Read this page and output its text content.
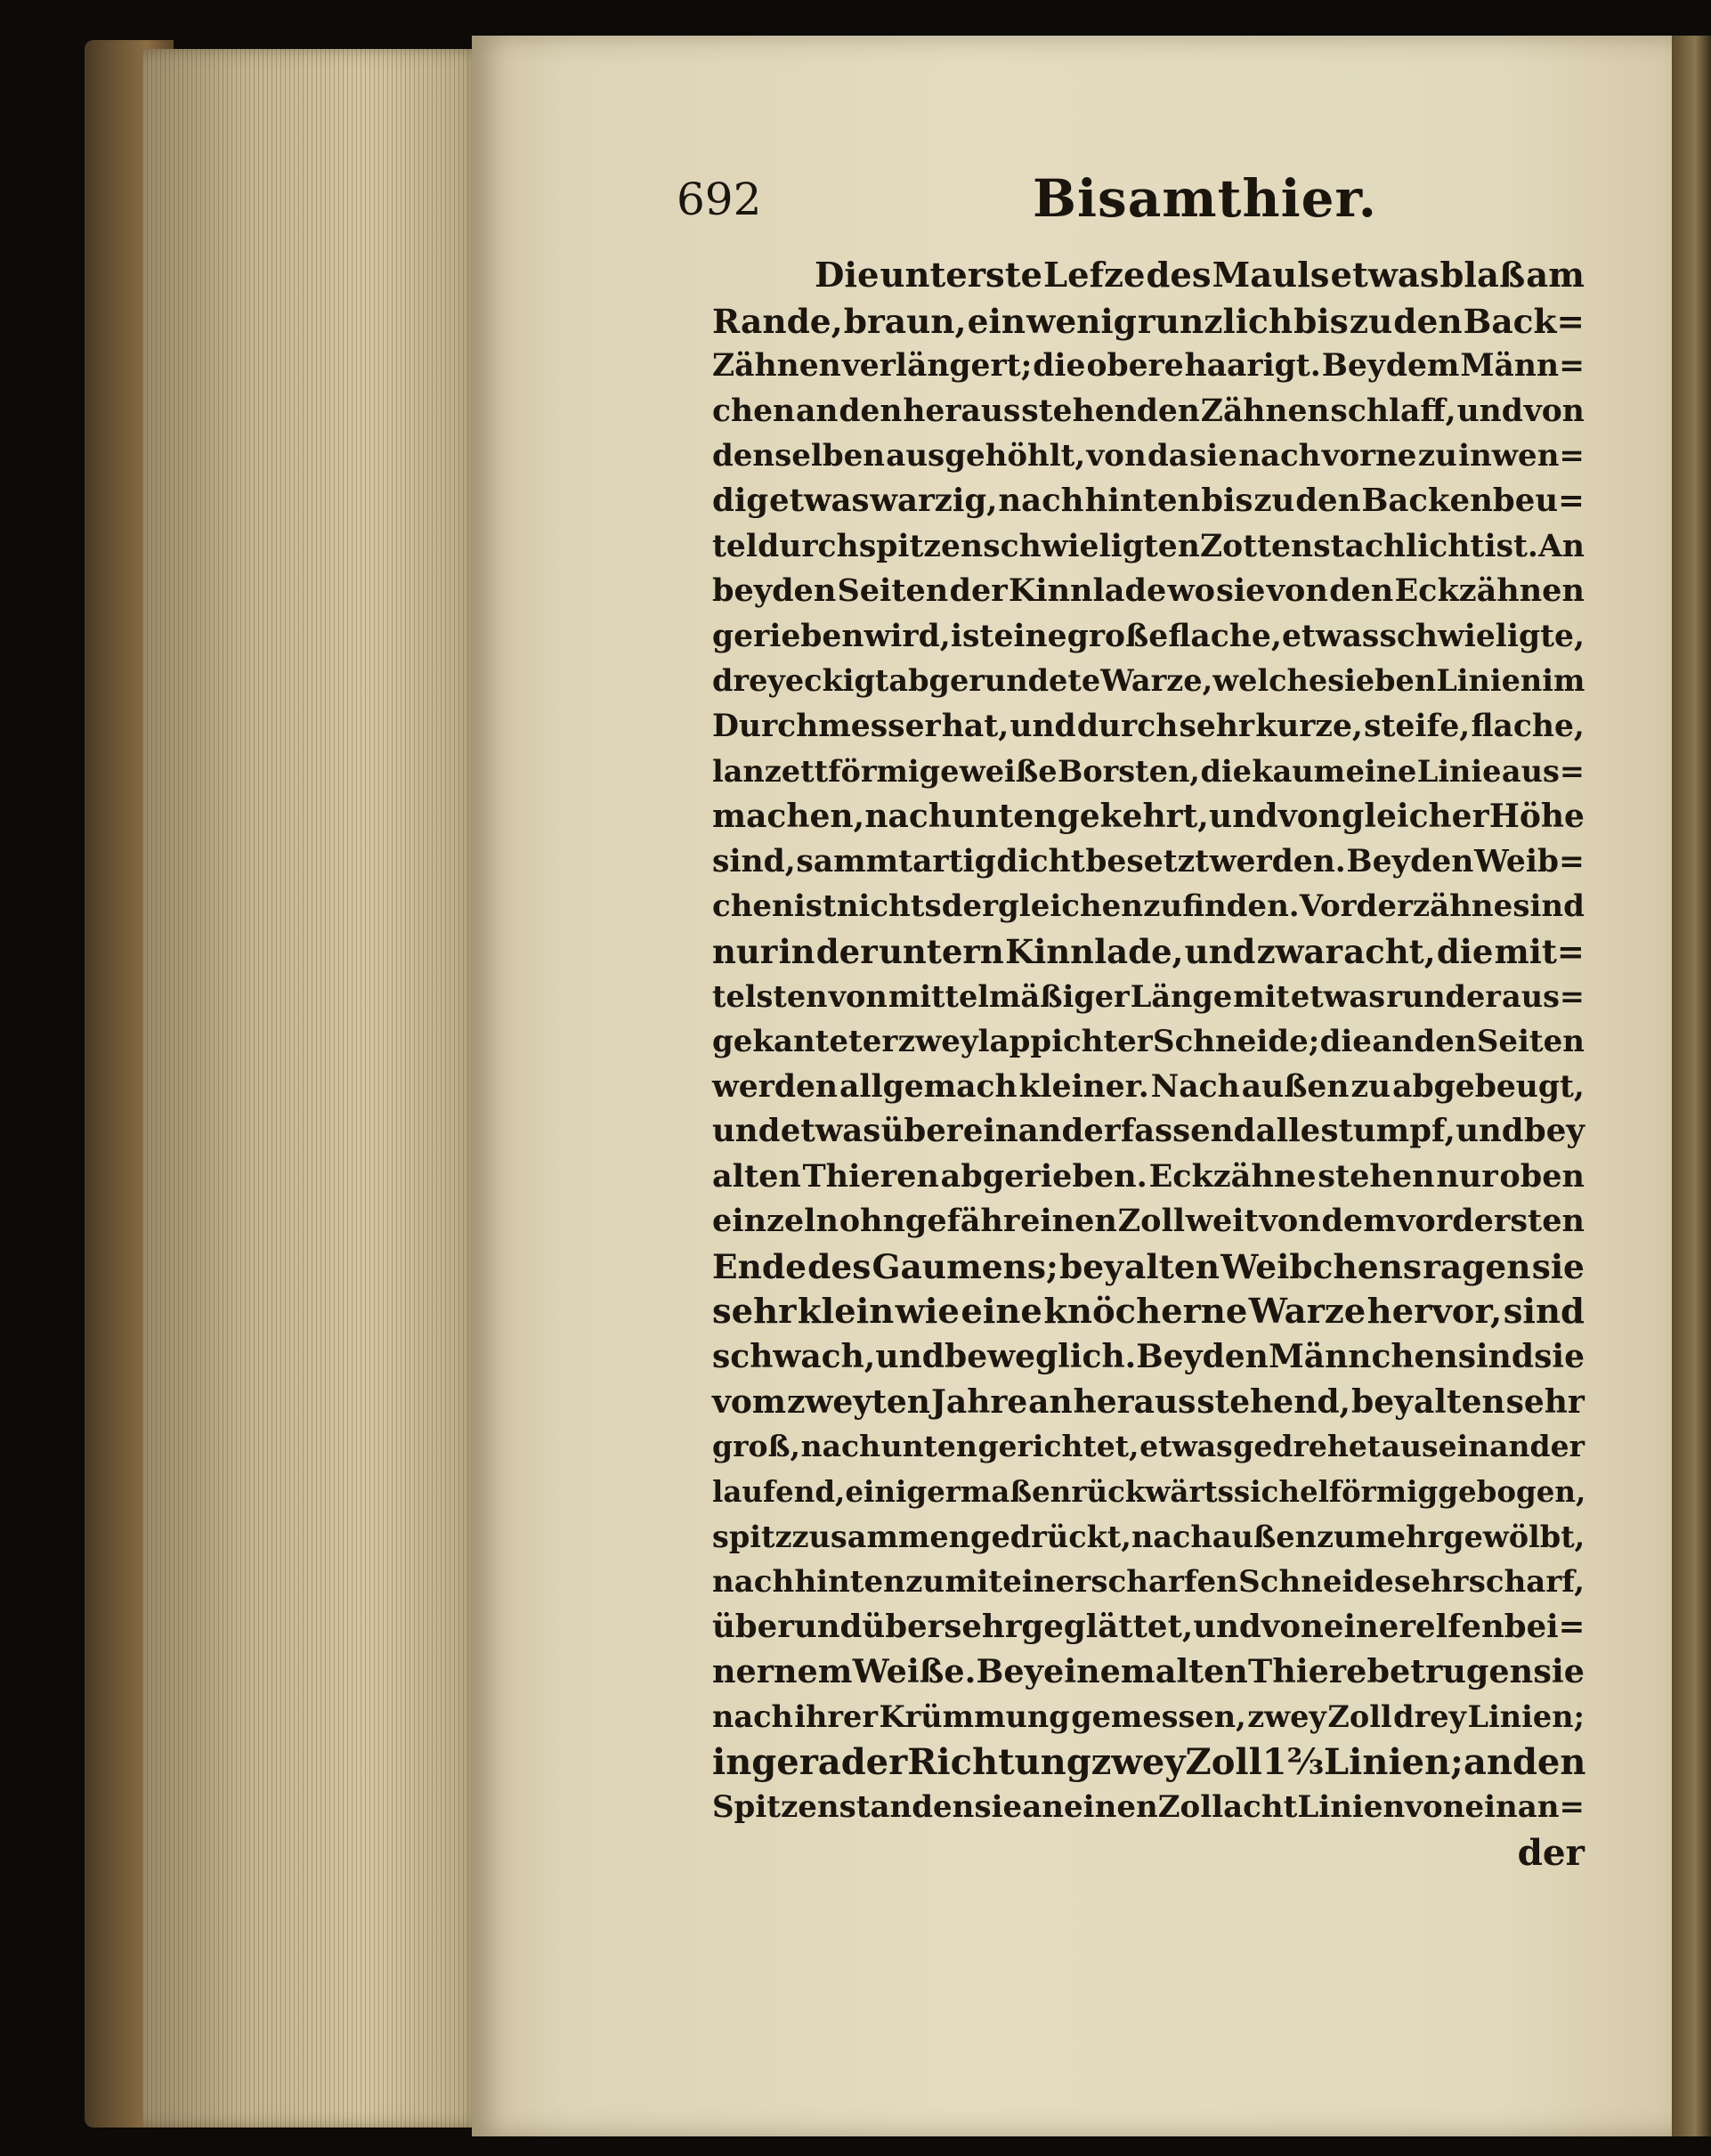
692	Bisamthier.
Die unterste Lefze des Mauls etwas blaß am
Rande, braun, ein wenig runzlich bis zu den Back=
Zähnen verlängert; die obere haarigt. Bey dem Männ=
chen an den heraus stehenden Zähnen schlaff, und von
denselben ausgehöhlt, von da sie nach vorne zu inwen=
dig etwas warzig, nach hinten bis zu den Backenbeu=
tel durch spitzen schwieligten Zotten stachlicht ist. An
beyden Seiten der Kinnlade wo sie von den Eckzähnen
gerieben wird, ist eine große flache, etwas schwieligte,
dreyeckigt abgerundete Warze, welche sieben Linien im
Durchmesser hat, und durch sehr kurze, steife, flache,
lanzettförmige weiße Borsten, die kaum eine Linie aus=
machen, nach unten gekehrt, und von gleicher Höhe
sind, sammtartig dicht besetzt werden. Bey den Weib=
chen ist nichts dergleichen zu finden. Vorderzähne sind
nur in der untern Kinnlade, und zwar acht, die mit=
telsten von mittelmäßiger Länge mit etwas runder aus=
gekanteter zweylappichter Schneide; die an den Seiten
werden allgemach kleiner. Nach außen zu abgebeugt,
und etwas über einander fassend alle stumpf, und bey
alten Thieren abgerieben. Eckzähne stehen nur oben
einzeln ohngefähr einen Zoll weit von dem vordersten
Ende des Gaumens; bey alten Weibchens ragen sie
sehr klein wie eine knöcherne Warze hervor, sind
schwach, und beweglich. Bey den Männchen sind sie
vom zweyten Jahre an heraus stehend, bey alten sehr
groß, nach unten gerichtet, etwas gedrehet auseinander
laufend, einigermaßen rückwärts sichelförmig gebogen,
spitz zusammengedrückt, nach außen zu mehr gewölbt,
nach hinten zu mit einer scharfen Schneide sehr scharf,
über und über sehr geglättet, und von einer elfenbei=
nernem Weiße. Bey einem alten Thiere betrugen sie
nach ihrer Krümmung gemessen, zwey Zoll drey Linien;
in gerader Richtung zwey Zoll 1⅔ Linien; an den
Spitzen standen sie an einen Zoll acht Linien von einan=
der
